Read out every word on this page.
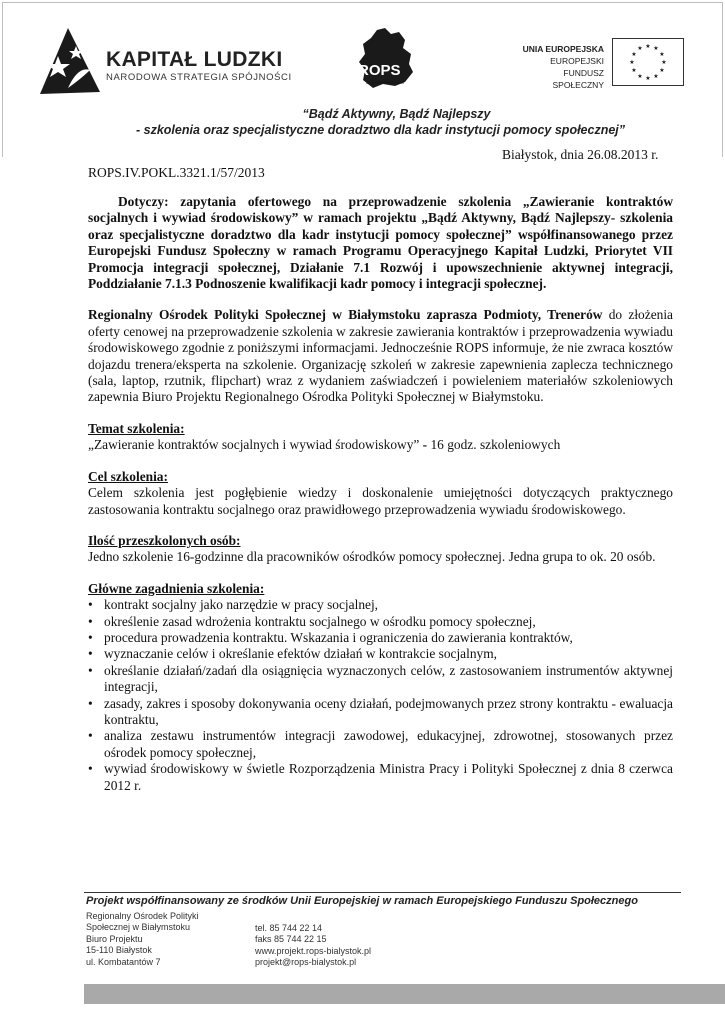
KAPITAŁ LUDZKI
NARODOWA STRATEGIA SPÓJNOŚCI	ROPS
W BIAŁYMSTOKU
UNIA EUROPEJSKA
EUROPEJSKI
FUNDUSZ SPOŁECZNY
★ ★
★
★
★
★
★
★
★
★
★
★
“Bądź Aktywny, Bądź Najlepszy
- szkolenia oraz specjalistyczne doradztwo dla kadr instytucji pomocy społecznej”
Białystok, dnia 26.08.2013 r.
ROPS.IV.POKL.3321.1/57/2013

Dotyczy: zapytania ofertowego na przeprowadzenie szkolenia „Zawieranie kontraktów socjalnych i wywiad środowiskowy” w ramach projektu „Bądź Aktywny, Bądź Najlepszy- szkolenia oraz specjalistyczne doradztwo dla kadr instytucji pomocy społecznej” współfinansowanego przez Europejski Fundusz Społeczny w ramach Programu Operacyjnego Kapitał Ludzki, Priorytet VII Promocja integracji społecznej, Działanie 7.1 Rozwój i upowszechnienie aktywnej integracji, Poddziałanie 7.1.3 Podnoszenie kwalifikacji kadr pomocy i integracji społecznej.

Regionalny Ośrodek Polityki Społecznej w Białymstoku zaprasza Podmioty, Trenerów do złożenia oferty cenowej na przeprowadzenie szkolenia w zakresie zawierania kontraktów i przeprowadzenia wywiadu środowiskowego zgodnie z poniższymi informacjami. Jednocześnie ROPS informuje, że nie zwraca kosztów dojazdu trenera/eksperta na szkolenie. Organizację szkoleń w zakresie zapewnienia zaplecza technicznego (sala, laptop, rzutnik, flipchart) wraz z wydaniem zaświadczeń i powieleniem materiałów szkoleniowych zapewnia Biuro Projektu Regionalnego Ośrodka Polityki Społecznej w Białymstoku.

Temat szkolenia:

„Zawieranie kontraktów socjalnych i wywiad środowiskowy” - 16 godz. szkoleniowych

Cel szkolenia:

Celem szkolenia jest pogłębienie wiedzy i doskonalenie umiejętności dotyczących praktycznego zastosowania kontraktu socjalnego oraz prawidłowego przeprowadzenia wywiadu środowiskowego.

Ilość przeszkolonych osób:

Jedno szkolenie 16-godzinne dla pracowników ośrodków pomocy społecznej. Jedna grupa to ok. 20 osób.

Główne zagadnienia szkolenia:

• kontrakt socjalny jako narzędzie w pracy socjalnej,
• określenie zasad wdrożenia kontraktu socjalnego w ośrodku pomocy społecznej,
• procedura prowadzenia kontraktu. Wskazania i ograniczenia do zawierania kontraktów,
• wyznaczanie celów i określanie efektów działań w kontrakcie socjalnym,
• określanie działań/zadań dla osiągnięcia wyznaczonych celów, z zastosowaniem instrumentów aktywnej integracji,
• zasady, zakres i sposoby dokonywania oceny działań, podejmowanych przez strony kontraktu - ewaluacja kontraktu,
• analiza zestawu instrumentów integracji zawodowej, edukacyjnej, zdrowotnej, stosowanych przez ośrodek pomocy społecznej,
• wywiad środowiskowy w świetle Rozporządzenia Ministra Pracy i Polityki Społecznej z dnia 8 czerwca 2012 r.
Projekt współfinansowany ze środków Unii Europejskiej w ramach Europejskiego Funduszu Społecznego
Regionalny Ośrodek Polityki
Społecznej w Białymstoku
Biuro Projektu
15-110 Białystok
ul. Kombatantów 7
tel. 85 744 22 14
faks 85 744 22 15
www.projekt.rops-bialystok.pl
projekt@rops-bialystok.pl
